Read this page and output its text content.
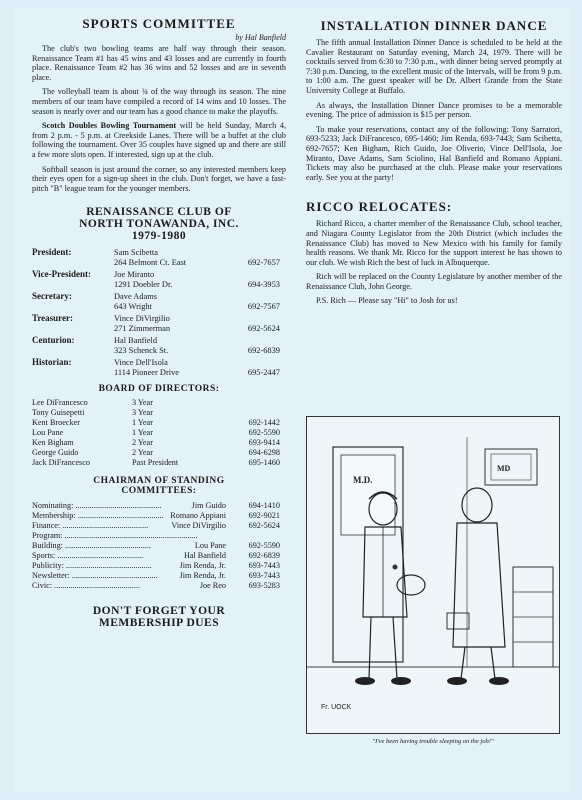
SPORTS COMMITTEE
by Hal Banfield

The club's two bowling teams are half way through their season. Renaissance Team #1 has 45 wins and 43 losses and are currently in fourth place. Renaissance Team #2 has 36 wins and 52 losses and are in seventh place.

The volleyball team is about ¾ of the way through its season. The nine members of our team have compiled a record of 14 wins and 10 losses. The season is nearly over and our team has a good chance to make the playoffs.

Scotch Doubles Bowling Tournament will be held Sunday, March 4, from 2 p.m. - 5 p.m. at Creekside Lanes. There will be a buffet at the club following the tournament. Over 35 couples have signed up and there are still a few more slots open. If interested, sign up at the club.

Softball season is just around the corner, so any interested members keep their eyes open for a sign-up sheet in the club. Don't forget, we have a fast-pitch "B" league team for the younger members.

RENAISSANCE CLUB OF
NORTH TONAWANDA, INC.
1979-1980
President:	Sam Scibetta
264 Belmont Ct. East	692-7657
Vice-President:	Joe Miranto
1291 Doebler Dr.	694-3953
Secretary:	Dave Adams
643 Wright	692-7567
Treasurer:	Vince DiVirgilio
271 Zimmerman	692-5624
Centurion:	Hal Banfield
323 Schenck St.	692-6839
Historian:	Vince Dell'Isola
1114 Pioneer Drive	695-2447
BOARD OF DIRECTORS:
Lee DiFrancesco	3 Year
Tony Guisepetti	3 Year
Kent Broecker	1 Year	692-1442
Lou Pane	1 Year	692-5590
Ken Bigham	2 Year	693-9414
George Guido	2 Year	694-6298
Jack DiFrancesco	Past President	695-1460
CHAIRMAN OF STANDING
COMMITTEES:
Nominating: ..........................................	Jim Guido	694-1410
Membership: .......................................... Romano Appiani	692-9021
Finance: ..........................................	Vince DiVirgilio	692-5624
Program: .................................................................
Building: ..........................................	Lou Pane	692-5590
Sports: ..........................................	Hal Banfield	692-6839
Publicity: ..........................................	Jim Renda, Jr.	693-7443
Newsletter: ..........................................	Jim Renda, Jr.	693-7443
Civic: ..........................................	Joe Reo	693-5283
DON'T FORGET YOUR
MEMBERSHIP DUES
INSTALLATION DINNER DANCE

The fifth annual Installation Dinner Dance is scheduled to be held at the Cavalier Restaurant on Saturday evening, March 24, 1979. There will be cocktails served from 6:30 to 7:30 p.m., with dinner being served promptly at 7:30 p.m. Dancing, to the excellent music of the Intervals, will be from 9 p.m. to 1:00 a.m. The guest speaker will be Dr. Albert Grande from the State University College at Buffalo.

As always, the Installation Dinner Dance promises to be a memorable evening. The price of admission is $15 per person.

To make your reservations, contact any of the following: Tony Sarratori, 693-5233; Jack DiFrancesco, 695-1460; Jim Renda, 693-7443; Sam Scibetta, 692-7657; Ken Bigham, Rich Guido, Joe Oliverio, Vince Dell'Isola, Joe Miranto, Dave Adams, Sam Sciolino, Hal Banfield and Romano Appiani. Tickets may also be purchased at the club. Please make your reservations early. See you at the party!

RICCO RELOCATES:

Richard Ricco, a charter member of the Renaissance Club, school teacher, and Niagara County Legislator from the 20th District (which includes the Renaissance Club) has moved to New Mexico with his family for family health reasons. We thank Mr. Ricco for the support interest he has shown to our club. We wish Rich the best of luck in Albuquerque.

Rich will be replaced on the County Legislature by another member of the Renaissance Club, John George.

P.S. Rich — Please say "Hi" to Josh for us!

M.D.
MD
Fr. UOCK
"I've been having trouble sleeping on the job!"
